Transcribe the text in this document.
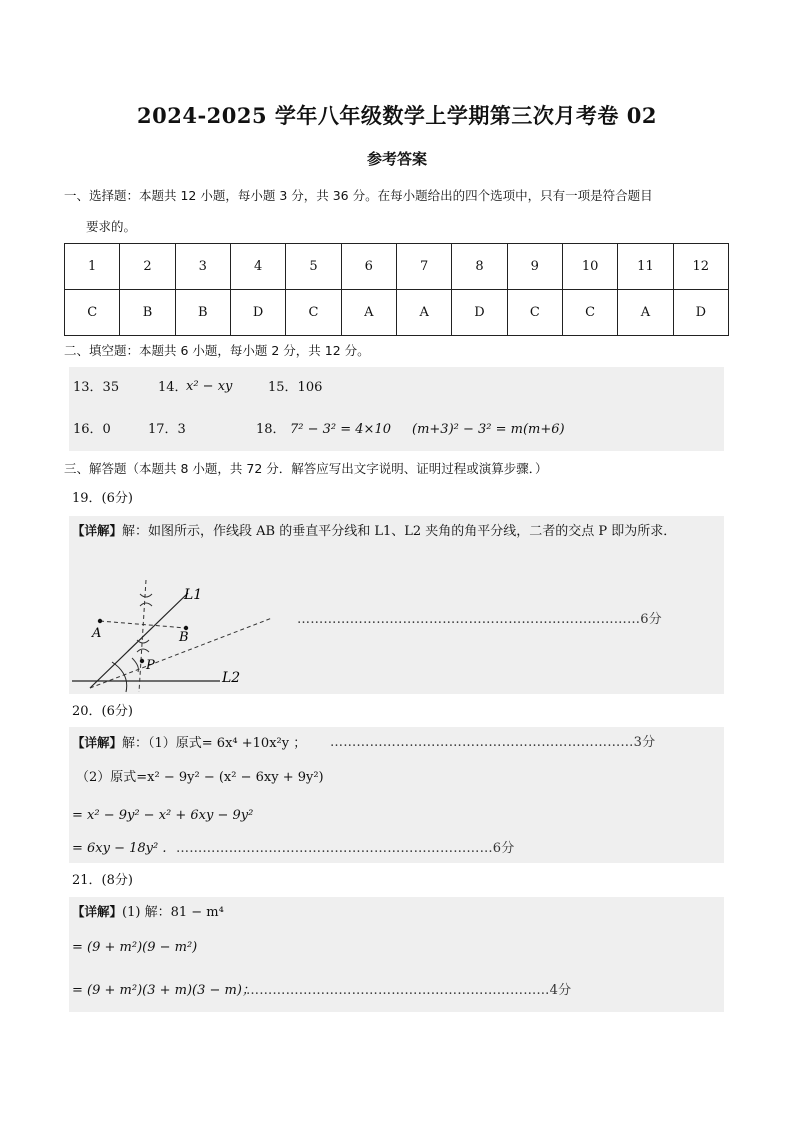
2024-2025 学年八年级数学上学期第三次月考卷 02
参考答案
一、选择题：本题共 12 小题，每小题 3 分，共 36 分。在每小题给出的四个选项中，只有一项是符合题目
要求的。
1	2	3	4	5	6	7	8	9	10	11	12
C	B	B	D	C	A	A	D	C	C	A	D
二、填空题：本题共 6 小题，每小题 2 分，共 12 分。
13．35	14．
x² − xy	15．106
16．0	17．3	18． 7² − 3² = 4×10 (m+3)² − 3² = m(m+6)
三、解答题（本题共 8 小题，共 72 分．解答应写出文字说明、证明过程或演算步骤．）
19．(6分)
【详解】解：如图所示，作线段 AB 的垂直平分线和 L1、L2 夹角的角平分线，二者的交点 P 即为所求．
L1
L2
A	B
P
……………………………………………………………………6分
20．(6分)
【详解】解：（1）原式= 6x⁴ +10x²y ； ……………………………………………………………3分
（2）原式=x² − 9y² − (x² − 6xy + 9y²)
= x² − 9y² − x² + 6xy − 9y²
= 6xy − 18y² . ………………………………………………………………6分
21．(8分)
【详解】(1) 解：81 − m⁴
= (9 + m²)(9 − m²)
= (9 + m²)(3 + m)(3 − m)；
……………………………………………………………4分
